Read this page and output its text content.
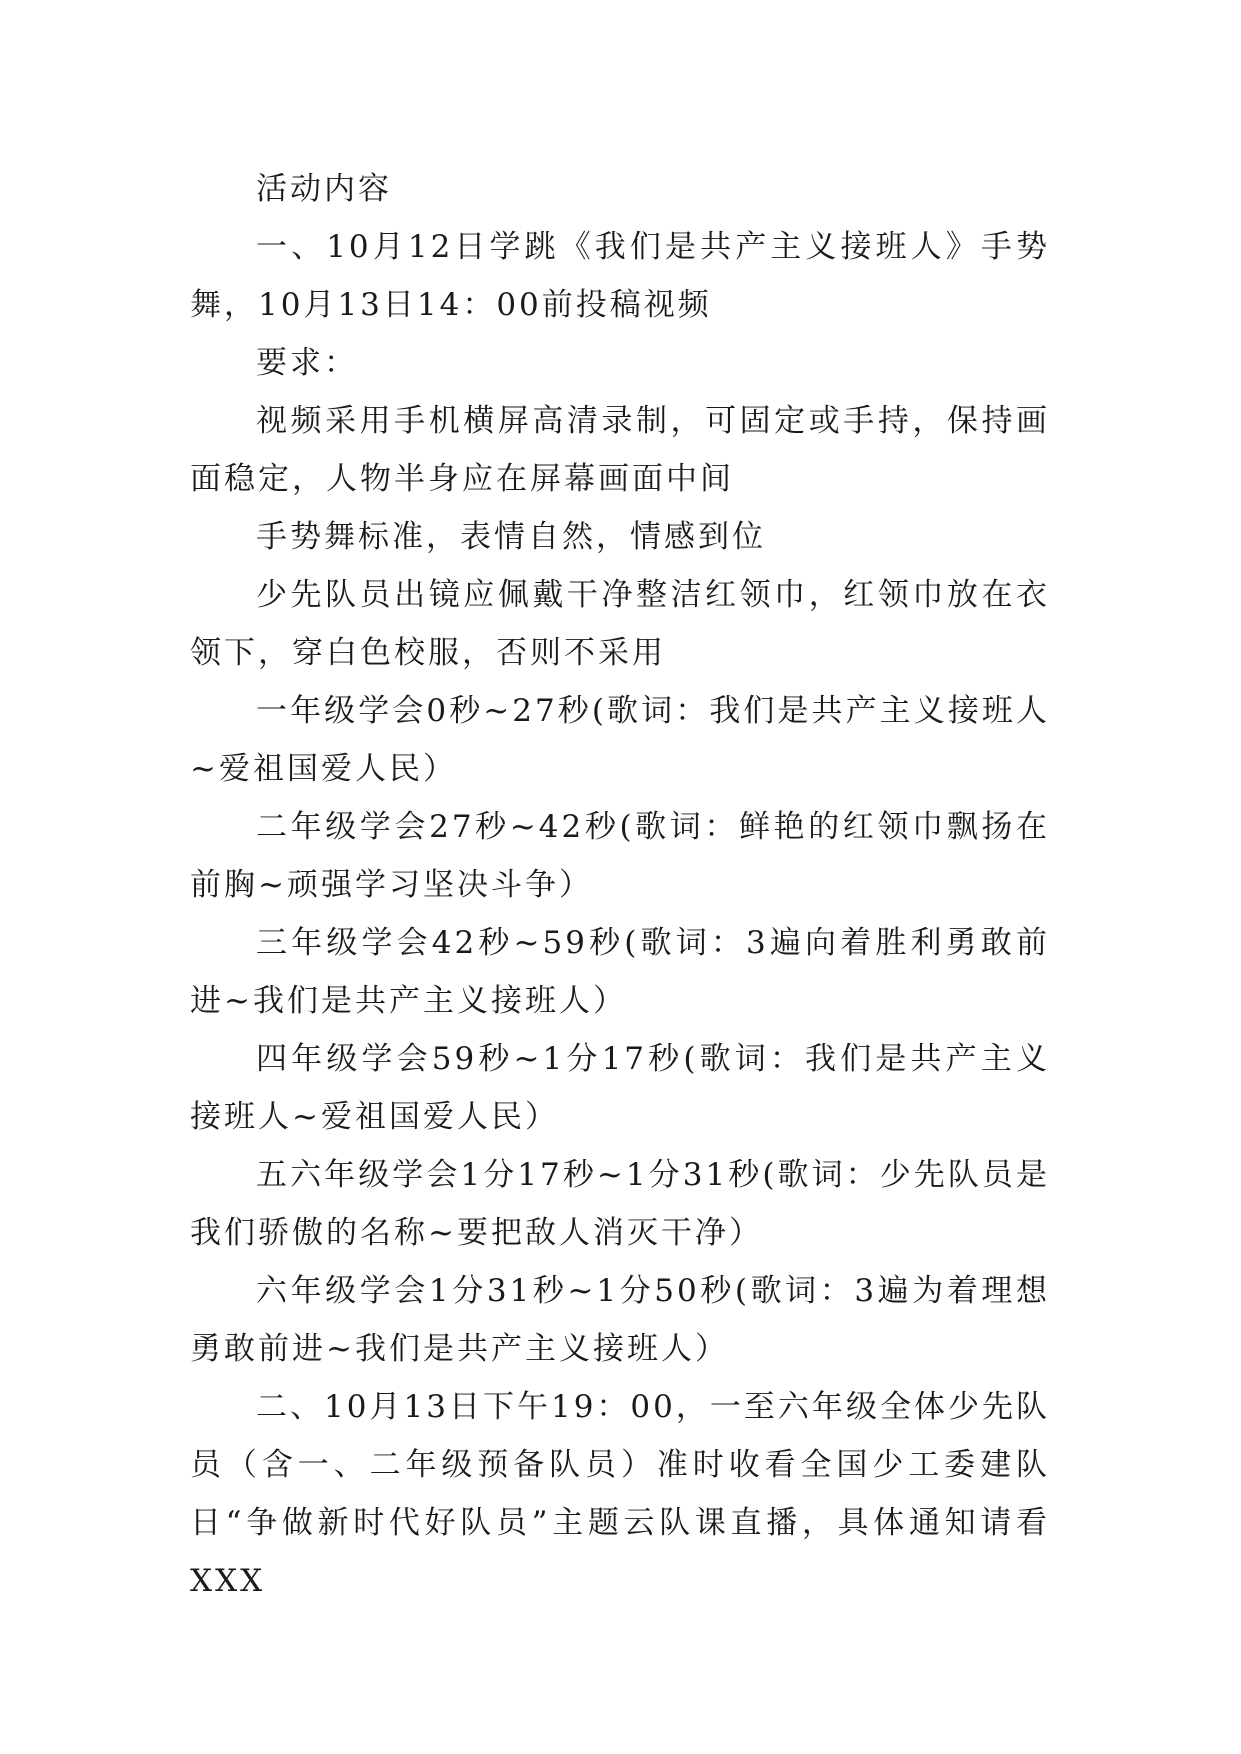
活动内容

一、10月12日学跳《我们是共产主义接班人》手势舞，10月13日14：00前投稿视频

要求：

视频采用手机横屏高清录制，可固定或手持，保持画面稳定，人物半身应在屏幕画面中间

手势舞标准，表情自然，情感到位

少先队员出镜应佩戴干净整洁红领巾，红领巾放在衣领下，穿白色校服，否则不采用

一年级学会0秒~27秒(歌词：我们是共产主义接班人~爱祖国爱人民）

二年级学会27秒~42秒(歌词：鲜艳的红领巾飘扬在前胸~顽强学习坚决斗争）

三年级学会42秒~59秒(歌词：3遍向着胜利勇敢前进~我们是共产主义接班人）

四年级学会59秒~1分17秒(歌词：我们是共产主义接班人~爱祖国爱人民）

五六年级学会1分17秒~1分31秒(歌词：少先队员是我们骄傲的名称~要把敌人消灭干净）

六年级学会1分31秒~1分50秒(歌词：3遍为着理想勇敢前进~我们是共产主义接班人）

二、10月13日下午19：00，一至六年级全体少先队员（含一、二年级预备队员）准时收看全国少工委建队日“争做新时代好队员”主题云队课直播，具体通知请看XXX
